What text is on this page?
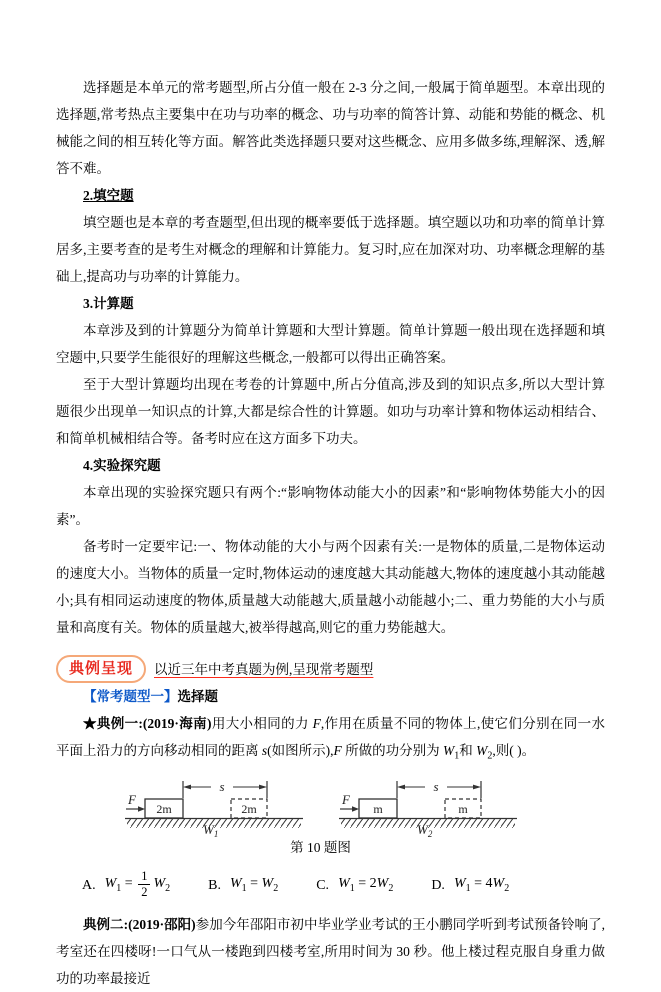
选择题是本单元的常考题型,所占分值一般在 2-3 分之间,一般属于简单题型。本章出现的选择题,常考热点主要集中在功与功率的概念、功与功率的简答计算、动能和势能的概念、机械能之间的相互转化等方面。解答此类选择题只要对这些概念、应用多做多练,理解深、透,解答不难。

2.填空题

填空题也是本章的考查题型,但出现的概率要低于选择题。填空题以功和功率的简单计算居多,主要考查的是考生对概念的理解和计算能力。复习时,应在加深对功、功率概念理解的基础上,提高功与功率的计算能力。

3.计算题

本章涉及到的计算题分为简单计算题和大型计算题。简单计算题一般出现在选择题和填空题中,只要学生能很好的理解这些概念,一般都可以得出正确答案。

至于大型计算题均出现在考卷的计算题中,所占分值高,涉及到的知识点多,所以大型计算题很少出现单一知识点的计算,大都是综合性的计算题。如功与功率计算和物体运动相结合、和简单机械相结合等。备考时应在这方面多下功夫。

4.实验探究题

本章出现的实验探究题只有两个:“影响物体动能大小的因素”和“影响物体势能大小的因素”。

备考时一定要牢记:一、物体动能的大小与两个因素有关:一是物体的质量,二是物体运动的速度大小。当物体的质量一定时,物体运动的速度越大其动能越大,物体的速度越小其动能越小;具有相同运动速度的物体,质量越大动能越大,质量越小动能越小;二、重力势能的大小与质量和高度有关。物体的质量越大,被举得越高,则它的重力势能越大。

典例呈现	以近三年中考真题为例,呈现常考题型

【常考题型一】选择题

★典例一:(2019·海南)用大小相同的力 F,作用在质量不同的物体上,使它们分别在同一水平面上沿力的方向移动相同的距离 s(如图所示),F 所做的功分别为 $W_1$和 $W_2$,则( )。

2m
F
s
2m
$W_1$
m
F
s
m
$W_2$
第 10 题图
A. $W_1 = \frac{1}{2} W_2$	B. $W_1 = W_2$	C. $W_1 = 2W_2$	D. $W_1 = 4W_2$

典例二:(2019·邵阳)参加今年邵阳市初中毕业学业考试的王小鹏同学听到考试预备铃响了,考室还在四楼呀!一口气从一楼跑到四楼考室,所用时间为 30 秒。他上楼过程克服自身重力做功的功率最接近
